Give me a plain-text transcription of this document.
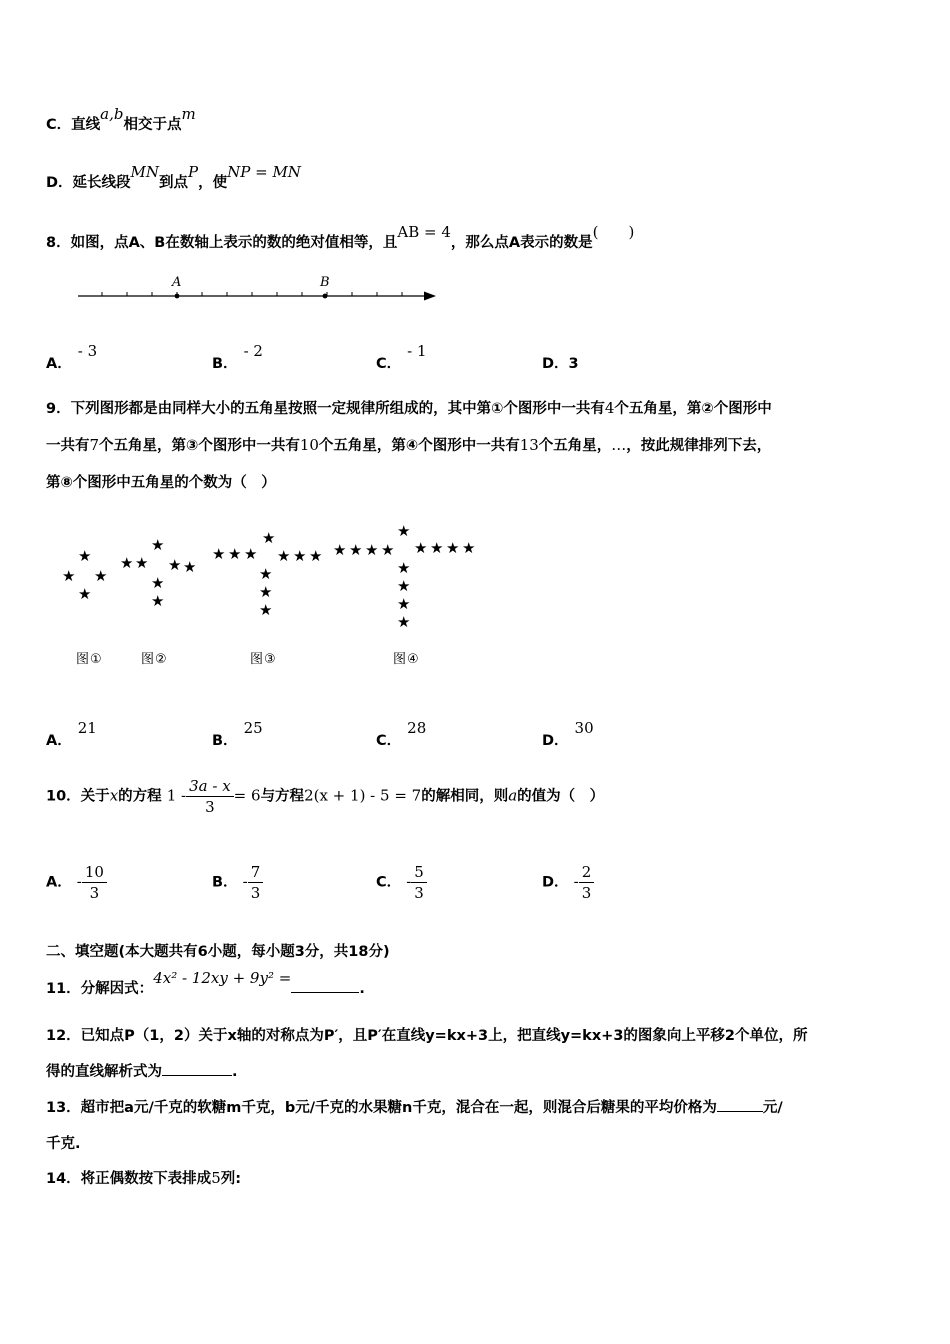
C．直线a,b相交于点m
D．延长线段MN到点P，使NP = MN
8．如图，点A、B在数轴上表示的数的绝对值相等，且AB = 4，那么点A表示的数是(　　)
A	B
A．- 3
B．- 2
C．- 1
D．3
9．下列图形都是由同样大小的五角星按照一定规律所组成的，其中第①个图形中一共有4个五角星，第②个图形中
一共有7个五角星，第③个图形中一共有10个五角星，第④个图形中一共有13个五角星，…，按此规律排列下去，
第⑧个图形中五角星的个数为（　）
★
★ ★
★
★
★ ★ ★ ★
★
★
★
★ ★ ★ ★ ★ ★
★
★
★
★
★ ★ ★ ★ ★ ★ ★ ★
★
★
★
★
图①	图②	图③	图④
A．21
B．25
C．28
D．30
10．关于x的方程 $1 - \frac{3a - x}{3} = 6$与方程2(x + 1) - 5 = 7的解相同，则a的值为（　）
A． - $\frac{10}{3}$	B． - $\frac{7}{3}$	C． - $\frac{5}{3}$	D． - $\frac{2}{3}$
二、填空题(本大题共有6小题，每小题3分，共18分)
11．分解因式：4x² - 12xy + 9y² =.
12．已知点P（1，2）关于x轴的对称点为P′，且P′在直线y=kx+3上，把直线y=kx+3的图象向上平移2个单位，所
得的直线解析式为	.
13．超市把a元/千克的软糖m千克，b元/千克的水果糖n千克，混合在一起，则混合后糖果的平均价格为	元/
千克.
14．将正偶数按下表排成5列:
